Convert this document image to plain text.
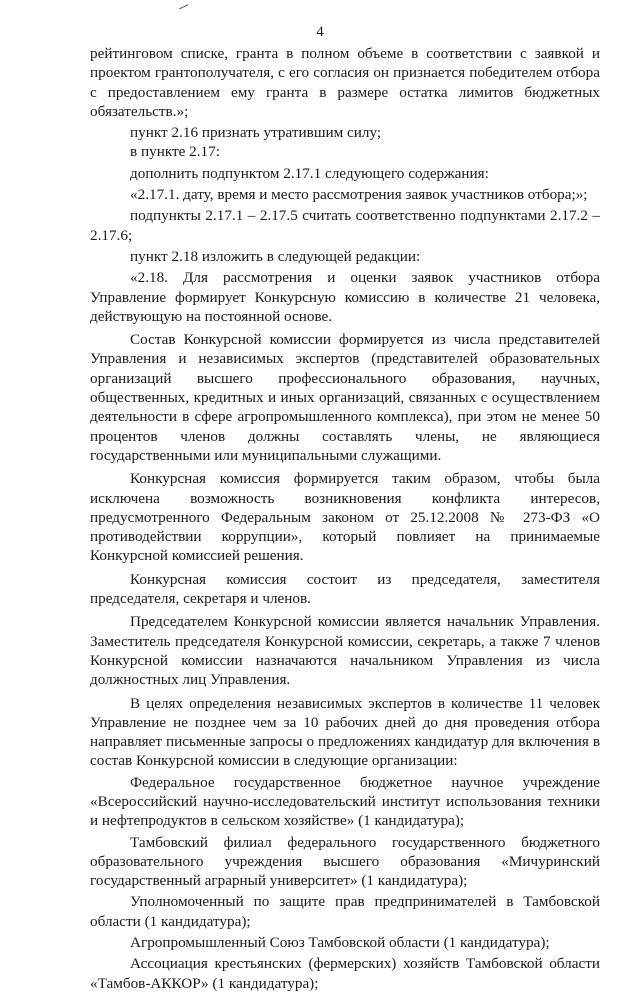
4

рейтинговом списке, гранта в полном объеме в соответствии с заявкой и проектом грантополучателя, с его согласия он признается победителем отбора с предоставлением ему гранта в размере остатка лимитов бюджетных обязательств.»;

пункт 2.16 признать утратившим силу;

в пункте 2.17:

дополнить подпунктом 2.17.1 следующего содержания:

«2.17.1. дату, время и место рассмотрения заявок участников отбора;»;

подпункты 2.17.1 – 2.17.5 считать соответственно подпунктами 2.17.2 – 2.17.6;

пункт 2.18 изложить в следующей редакции:

«2.18. Для рассмотрения и оценки заявок участников отбора Управление формирует Конкурсную комиссию в количестве 21 человека, действующую на постоянной основе.

Состав Конкурсной комиссии формируется из числа представителей Управления и независимых экспертов (представителей образовательных организаций высшего профессионального образования, научных, общественных, кредитных и иных организаций, связанных с осуществлением деятельности в сфере агропромышленного комплекса), при этом не менее 50 процентов членов должны составлять члены, не являющиеся государственными или муниципальными служащими.

Конкурсная комиссия формируется таким образом, чтобы была исключена возможность возникновения конфликта интересов, предусмотренного Федеральным законом от 25.12.2008 № 273-ФЗ «О противодействии коррупции», который повлияет на принимаемые Конкурсной комиссией решения.

Конкурсная комиссия состоит из председателя, заместителя председателя, секретаря и членов.

Председателем Конкурсной комиссии является начальник Управления. Заместитель председателя Конкурсной комиссии, секретарь, а также 7 членов Конкурсной комиссии назначаются начальником Управления из числа должностных лиц Управления.

В целях определения независимых экспертов в количестве 11 человек Управление не позднее чем за 10 рабочих дней до дня проведения отбора направляет письменные запросы о предложениях кандидатур для включения в состав Конкурсной комиссии в следующие организации:

Федеральное государственное бюджетное научное учреждение «Всероссийский научно-исследовательский институт использования техники и нефтепродуктов в сельском хозяйстве» (1 кандидатура);

Тамбовский филиал федерального государственного бюджетного образовательного учреждения высшего образования «Мичуринский государственный аграрный университет» (1 кандидатура);

Уполномоченный по защите прав предпринимателей в Тамбовской области (1 кандидатура);

Агропромышленный Союз Тамбовской области (1 кандидатура);

Ассоциация крестьянских (фермерских) хозяйств Тамбовской области «Тамбов-АККОР» (1 кандидатура);
